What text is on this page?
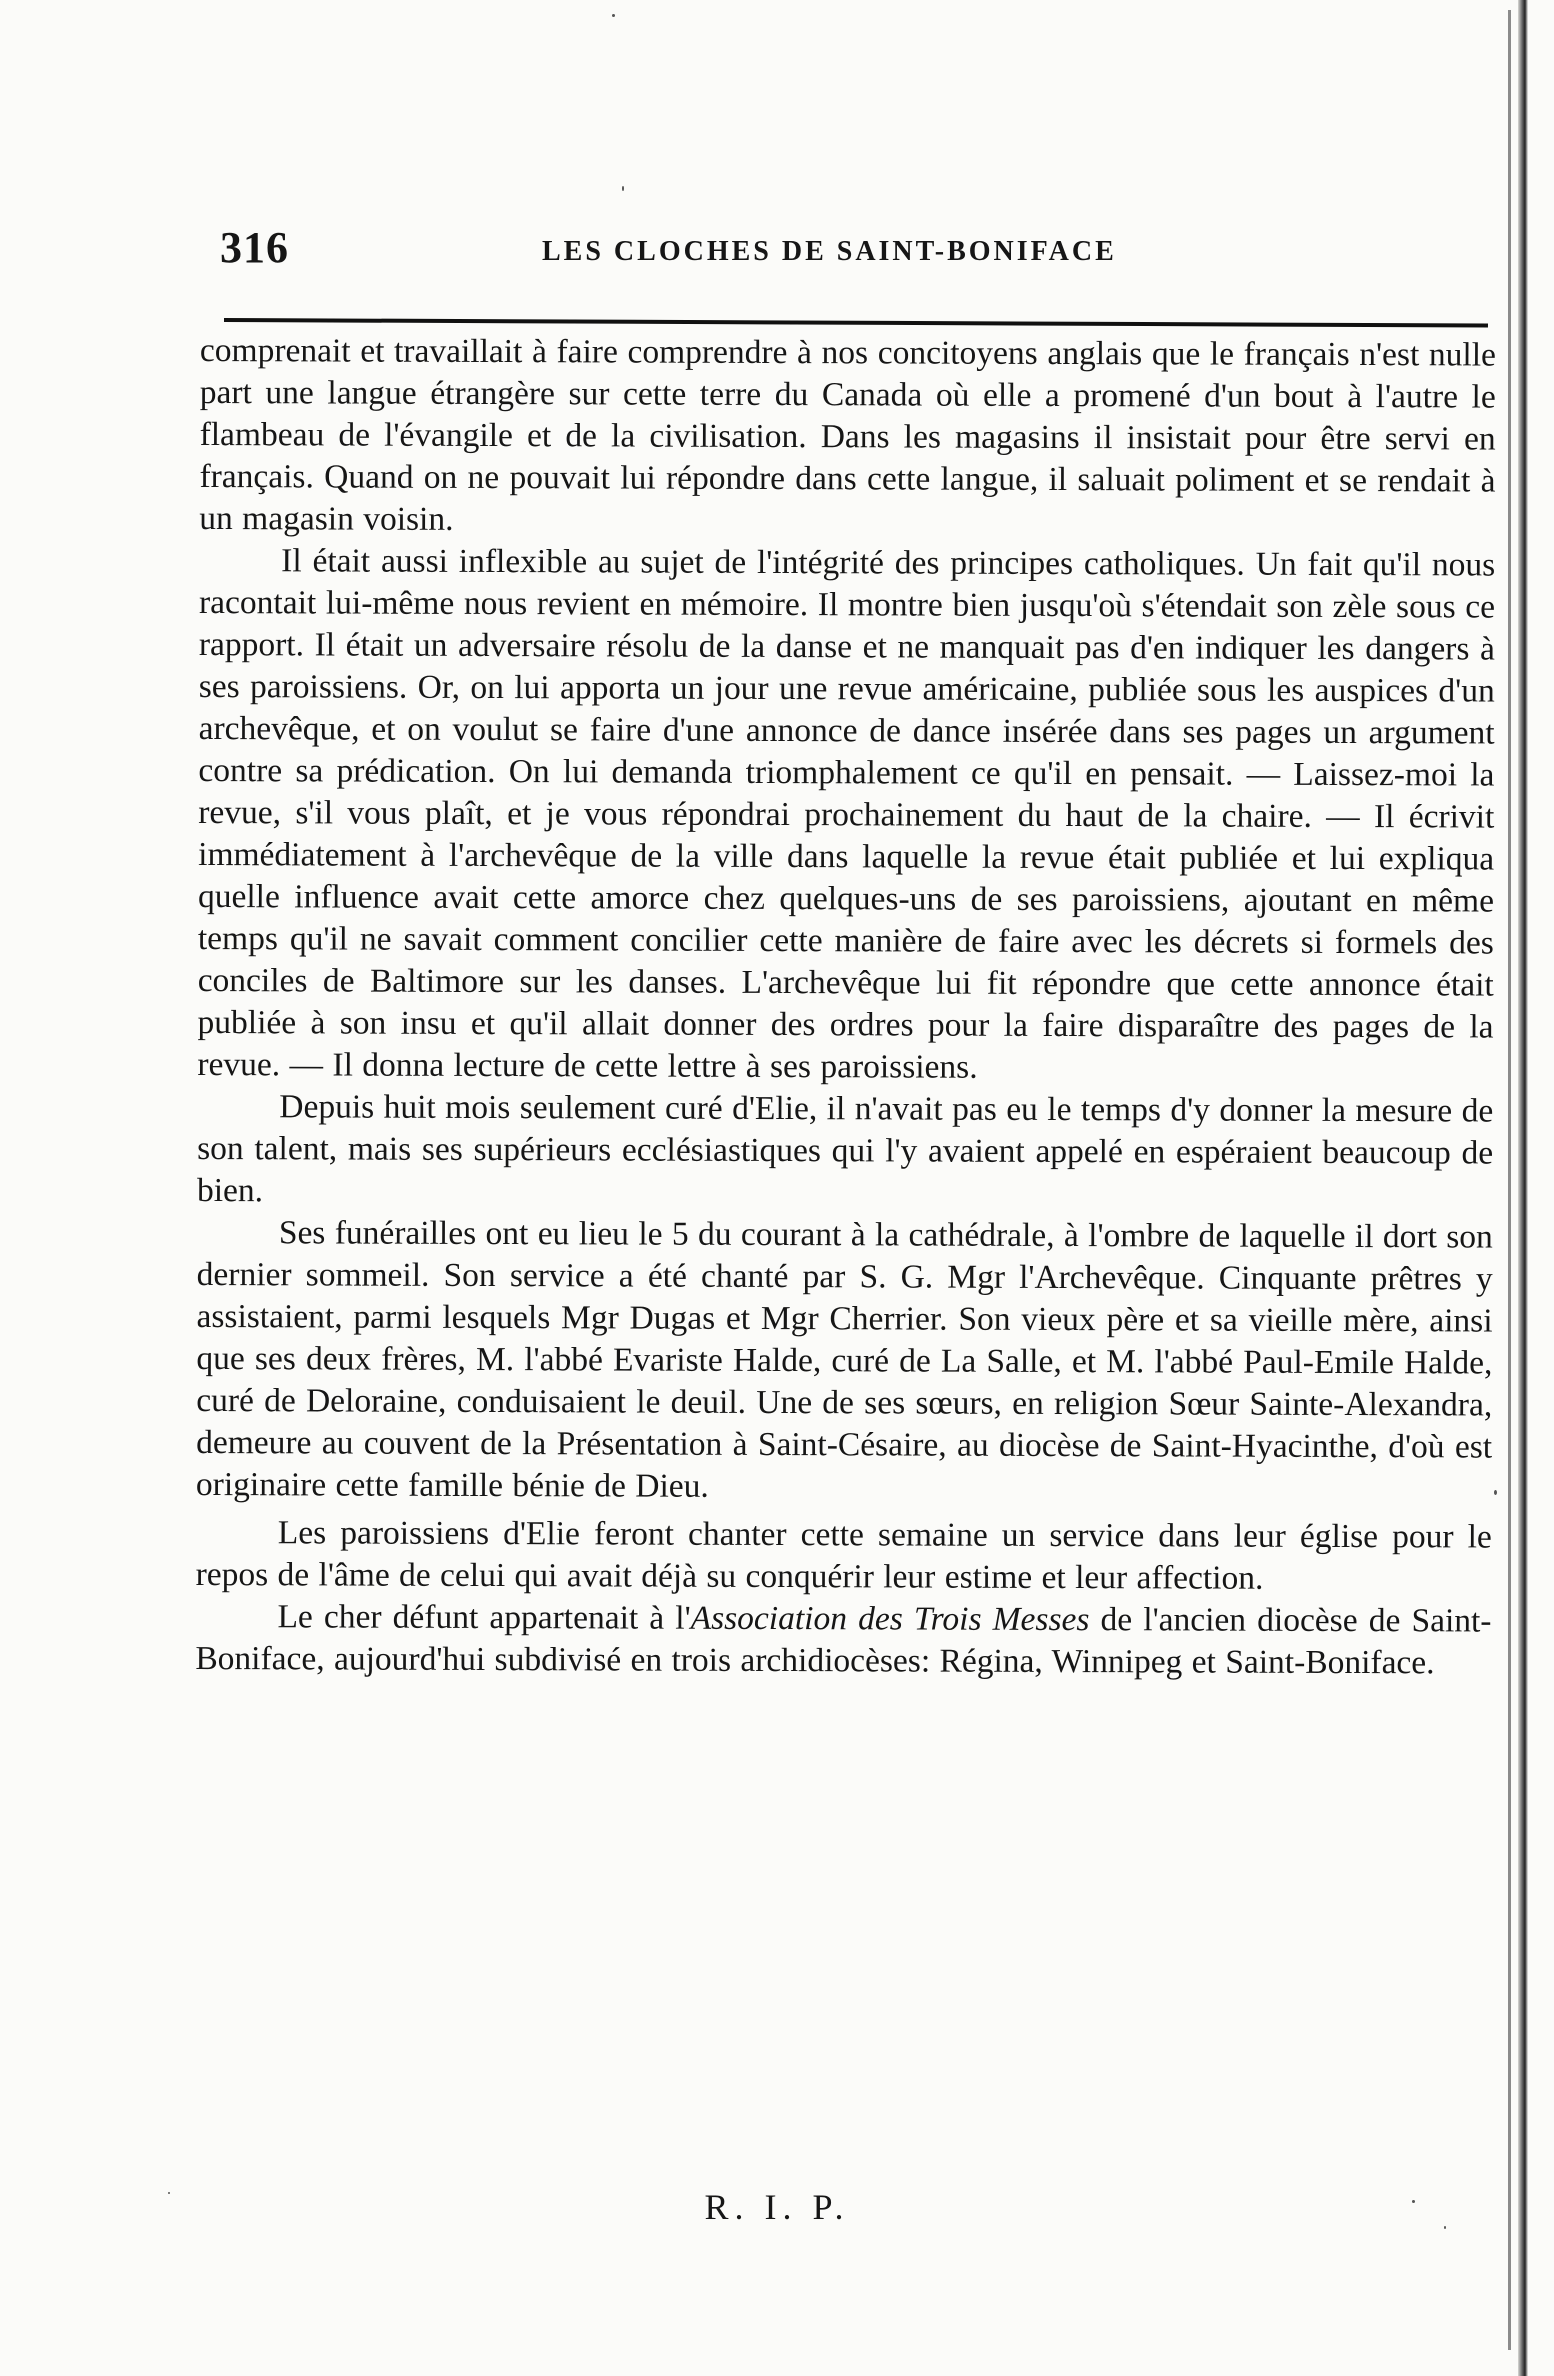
316	LES CLOCHES DE SAINT-BONIFACE

comprenait et travaillait à faire comprendre à nos concitoyens anglais que le français n'est nulle part une langue étrangère sur cette terre du Canada où elle a promené d'un bout à l'autre le flambeau de l'évangile et de la civilisation. Dans les magasins il insistait pour être servi en français. Quand on ne pouvait lui répondre dans cette langue, il saluait poliment et se rendait à un magasin voisin.

Il était aussi inflexible au sujet de l'intégrité des principes catholiques. Un fait qu'il nous racontait lui-même nous revient en mémoire. Il montre bien jusqu'où s'étendait son zèle sous ce rapport. Il était un adversaire résolu de la danse et ne manquait pas d'en indiquer les dangers à ses paroissiens. Or, on lui apporta un jour une revue américaine, publiée sous les auspices d'un archevêque, et on voulut se faire d'une annonce de dance insérée dans ses pages un argument contre sa prédication. On lui demanda triomphalement ce qu'il en pensait. — Laissez-moi la revue, s'il vous plaît, et je vous répondrai prochainement du haut de la chaire. — Il écrivit immédiatement à l'archevêque de la ville dans laquelle la revue était publiée et lui expliqua quelle influence avait cette amorce chez quelques-uns de ses paroissiens, ajoutant en même temps qu'il ne savait comment concilier cette manière de faire avec les décrets si formels des conciles de Baltimore sur les danses. L'archevêque lui fit répondre que cette annonce était publiée à son insu et qu'il allait donner des ordres pour la faire disparaître des pages de la revue. — Il donna lecture de cette lettre à ses paroissiens.

Depuis huit mois seulement curé d'Elie, il n'avait pas eu le temps d'y donner la mesure de son talent, mais ses supérieurs ecclésiastiques qui l'y avaient appelé en espéraient beaucoup de bien.

Ses funérailles ont eu lieu le 5 du courant à la cathédrale, à l'ombre de laquelle il dort son dernier sommeil. Son service a été chanté par S. G. Mgr l'Archevêque. Cinquante prêtres y assistaient, parmi lesquels Mgr Dugas et Mgr Cherrier. Son vieux père et sa vieille mère, ainsi que ses deux frères, M. l'abbé Evariste Halde, curé de La Salle, et M. l'abbé Paul-Emile Halde, curé de Deloraine, conduisaient le deuil. Une de ses sœurs, en religion Sœur Sainte-Alexandra, demeure au couvent de la Présentation à Saint-Césaire, au diocèse de Saint-Hyacinthe, d'où est originaire cette famille bénie de Dieu.

Les paroissiens d'Elie feront chanter cette semaine un service dans leur église pour le repos de l'âme de celui qui avait déjà su conquérir leur estime et leur affection.

Le cher défunt appartenait à l'Association des Trois Messes de l'ancien diocèse de Saint-Boniface, aujourd'hui subdivisé en trois archidiocèses: Régina, Winnipeg et Saint-Boniface.

R. I. P.
